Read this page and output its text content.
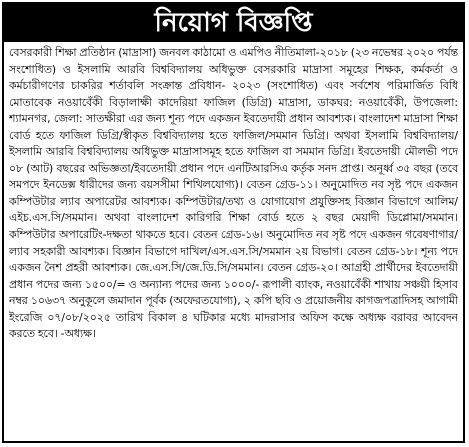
নিয়োগ বিজ্ঞপ্তি

বেসরকারী শিক্ষা প্রতিষ্ঠান (মাদ্রাসা) জনবল কাঠামো ও এমপিও নীতিমালা-২০১৮ (২৩ নভেম্বর ২০২০ পর্যন্ত সংশোধিত) ও ইসলামি আরবি বিশ্ববিদ্যালয় অধিভুক্ত বেসরকারি মাদ্রাসা সমূহের শিক্ষক, কর্মকর্তা ও কর্মচারীগণের চাকরির শর্তাবলি সংক্রান্ত প্রবিধান- ২০২৩ (সংশোধিত) এবং সর্বশেষ পরিমার্জিত বিধি মোতাবেক নওয়াবেঁকী বিড়ালাক্ষী কাদেরিয়া ফাজিল (ডিগ্রি) মাদ্রাসা, ডাকঘর: নওয়াবেঁকী, উপজেলা: শ্যামনগর, জেলা: সাতক্ষীরা এর জন্য শূন্য পদে একজন ইবতেদায়ী প্রধান আবশ্যক। বাংলাদেশ মাদ্রাসা শিক্ষা বোর্ড হতে ফাজিল ডিগ্রি/স্বীকৃত বিশ্ববিদ্যালয় হতে ফাজিল/সমমান ডিগ্রি। অথবা ইসলামি বিশ্ববিদ্যালয়/ইসলামি আরবি বিশ্ববিদ্যালয় অধিভুক্ত মাদ্রাসাসমূহ হতে ফাজিল বা সমমান ডিগ্রি। ইবতেদায়ী মৌলভী পদে ০৮ (আট) বছরের অভিজ্ঞতা/ইবতেদায়ী প্রধান পদে এনটিআরসিএ কর্তৃক সনদ প্রাপ্ত। অনূর্ধ্ব ৩৫ বছর (তবে সমপদে ইনডেক্স ধারীদের জন্য বয়সসীমা শিথিলযোগ্য)। বেতন গ্রেড-১১। অনুমোদিত নব সৃষ্ট পদে একজন কম্পিউটার ল্যাব অপারেটর আবশ্যক। কম্পিউটার/তথ্য ও যোগাযোগ প্রযুক্তিসহ বিজ্ঞান বিভাগে আলিম/এইচ.এস.সি/সমমান। অথবা বাংলাদেশ কারিগরি শিক্ষা বোর্ড হতে ২ বছর মেয়াদী ডিপ্লোমা/সমমান। কম্পিউটার অপারেটিং-দক্ষতা থাকতে হবে। বেতন গ্রেড-১৬। অনুমোদিত নব সৃষ্ট পদে একজন গবেষণাগার/ল্যাব সহকারী আবশ্যক। বিজ্ঞান বিভাগে দাখিল/এস.এস.সি/সমমান ২য় বিভাগ। বেতন গ্রেড-১৮। শূন্য পদে একজন নৈশ প্রহরী আবশ্যক। জে.এস.সি/জে.ডি.সি/সমমান। বেতন গ্রেড-২০। আগ্রহী প্রার্থীদের ইবতেদায়ী প্রধান পদের জন্য ১৫০০/= ও অন্যান্য পদের জন্য ১০০০/- রূপালী ব্যাংক, নওয়াবেঁকী শাখায় সঞ্চয়ী হিসাব নম্বর ১০৬৩৭ অনুকূলে জমাদান পূর্বক (অফেরতযোগ্য), ২ কপি ছবি ও প্রয়োজনীয় কাগজপত্রাদিসহ আগামী ইংরেজি ০৭/০৮/২০২৫ তারিখ বিকাল ৪ ঘটিকার মধ্যে মাদরাসার অফিস কক্ষে অধ্যক্ষ বরাবর আবেদন করতে হবে। -অধ্যক্ষ।
